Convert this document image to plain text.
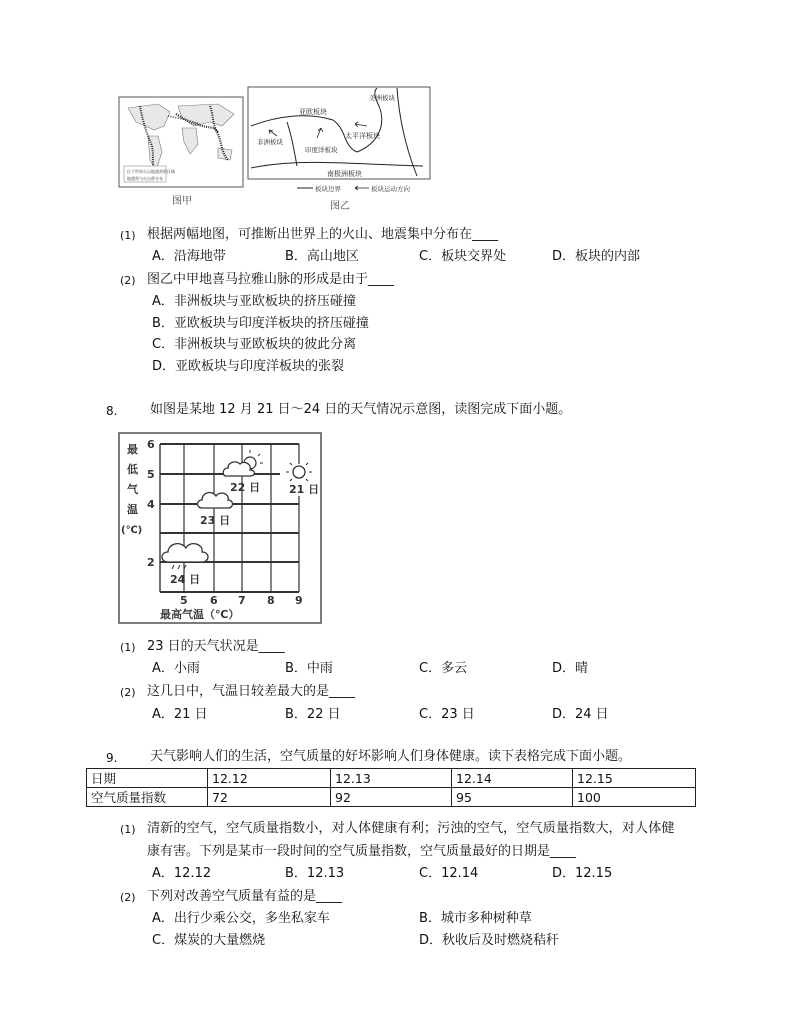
位于世界火山地震带的区域
地震带与火山带分布
亚欧板块
美洲板块
太平洋板块
印度洋板块
南极洲板块
非洲板块
板块边界	板块运动方向
图甲	图乙
(1) 根据两幅地图，可推断出世界上的火山、地震集中分布在____
A．沿海地带	B．高山地区	C．板块交界处	D．板块的内部
(2) 图乙中甲地喜马拉雅山脉的形成是由于____
A．非洲板块与亚欧板块的挤压碰撞
B．亚欧板块与印度洋板块的挤压碰撞
C．非洲板块与亚欧板块的彼此分离
D．亚欧板块与印度洋板块的张裂
8.	如图是某地 12 月 21 日～24 日的天气情况示意图，读图完成下面小题。
最
低
气
温
(℃)
6
5
4
2
5 6 7 8 9
最高气温（℃）
22 日	21 日
23 日
24 日
(1) 23 日的天气状况是____
A．小雨	B．中雨	C．多云	D．晴
(2) 这几日中，气温日较差最大的是____
A．21 日	B．22 日	C．23 日	D．24 日
9.	天气影响人们的生活，空气质量的好坏影响人们身体健康。读下表格完成下面小题。
日期	12.12	12.13	12.14	12.15
空气质量指数	72	92	95	100
(1) 清新的空气，空气质量指数小，对人体健康有利；污浊的空气，空气质量指数大，对人体健
康有害。下列是某市一段时间的空气质量指数，空气质量最好的日期是____
A．12.12	B．12.13	C．12.14	D．12.15
(2) 下列对改善空气质量有益的是____
A．出行少乘公交，多坐私家车	B．城市多种树种草
C．煤炭的大量燃烧	D．秋收后及时燃烧秸秆
